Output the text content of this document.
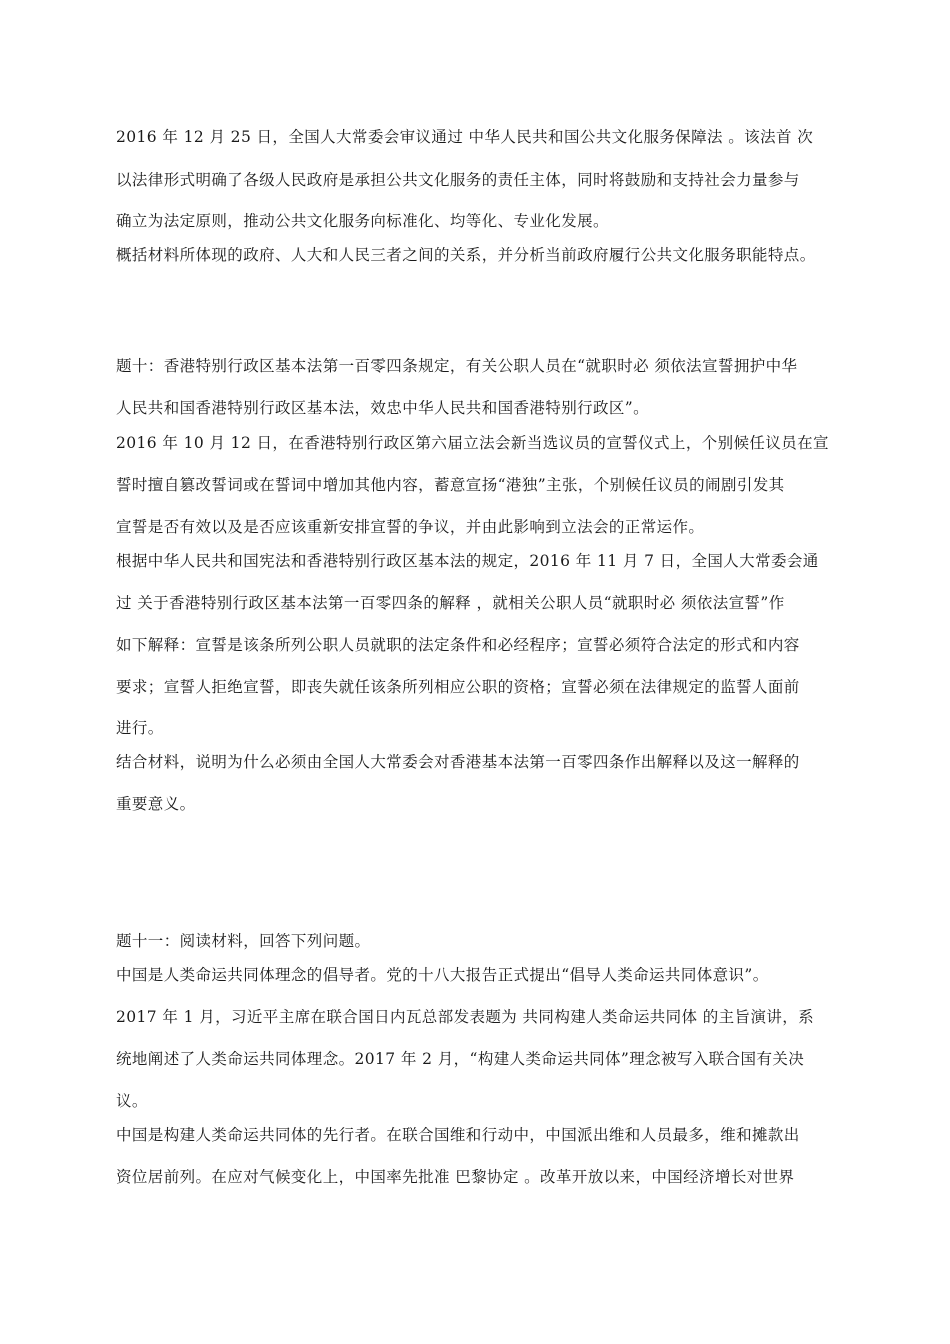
2016 年 12 月 25 日，全国人大常委会审议通过 中华人民共和国公共文化服务保障法 。该法首 次
以法律形式明确了各级人民政府是承担公共文化服务的责任主体，同时将鼓励和支持社会力量参与
确立为法定原则，推动公共文化服务向标准化、均等化、专业化发展。
概括材料所体现的政府、人大和人民三者之间的关系，并分析当前政府履行公共文化服务职能特点。
题十：香港特别行政区基本法第一百零四条规定，有关公职人员在“就职时必 须依法宣誓拥护中华
人民共和国香港特别行政区基本法，效忠中华人民共和国香港特别行政区”。
2016 年 10 月 12 日，在香港特别行政区第六届立法会新当选议员的宣誓仪式上，个别候任议员在宣
誓时擅自篡改誓词或在誓词中增加其他内容，蓄意宣扬“港独”主张，个别候任议员的闹剧引发其
宣誓是否有效以及是否应该重新安排宣誓的争议，并由此影响到立法会的正常运作。
根据中华人民共和国宪法和香港特别行政区基本法的规定，2016 年 11 月 7 日，全国人大常委会通
过 关于香港特别行政区基本法第一百零四条的解释 ，就相关公职人员“就职时必 须依法宣誓”作
如下解释：宣誓是该条所列公职人员就职的法定条件和必经程序；宣誓必须符合法定的形式和内容
要求；宣誓人拒绝宣誓，即丧失就任该条所列相应公职的资格；宣誓必须在法律规定的监誓人面前
进行。
结合材料，说明为什么必须由全国人大常委会对香港基本法第一百零四条作出解释以及这一解释的
重要意义。
题十一：阅读材料，回答下列问题。
中国是人类命运共同体理念的倡导者。党的十八大报告正式提出“倡导人类命运共同体意识”。
2017 年 1 月，习近平主席在联合国日内瓦总部发表题为 共同构建人类命运共同体 的主旨演讲，系
统地阐述了人类命运共同体理念。2017 年 2 月，“构建人类命运共同体”理念被写入联合国有关决
议。
中国是构建人类命运共同体的先行者。在联合国维和行动中，中国派出维和人员最多，维和摊款出
资位居前列。在应对气候变化上，中国率先批准 巴黎协定 。改革开放以来，中国经济增长对世界
